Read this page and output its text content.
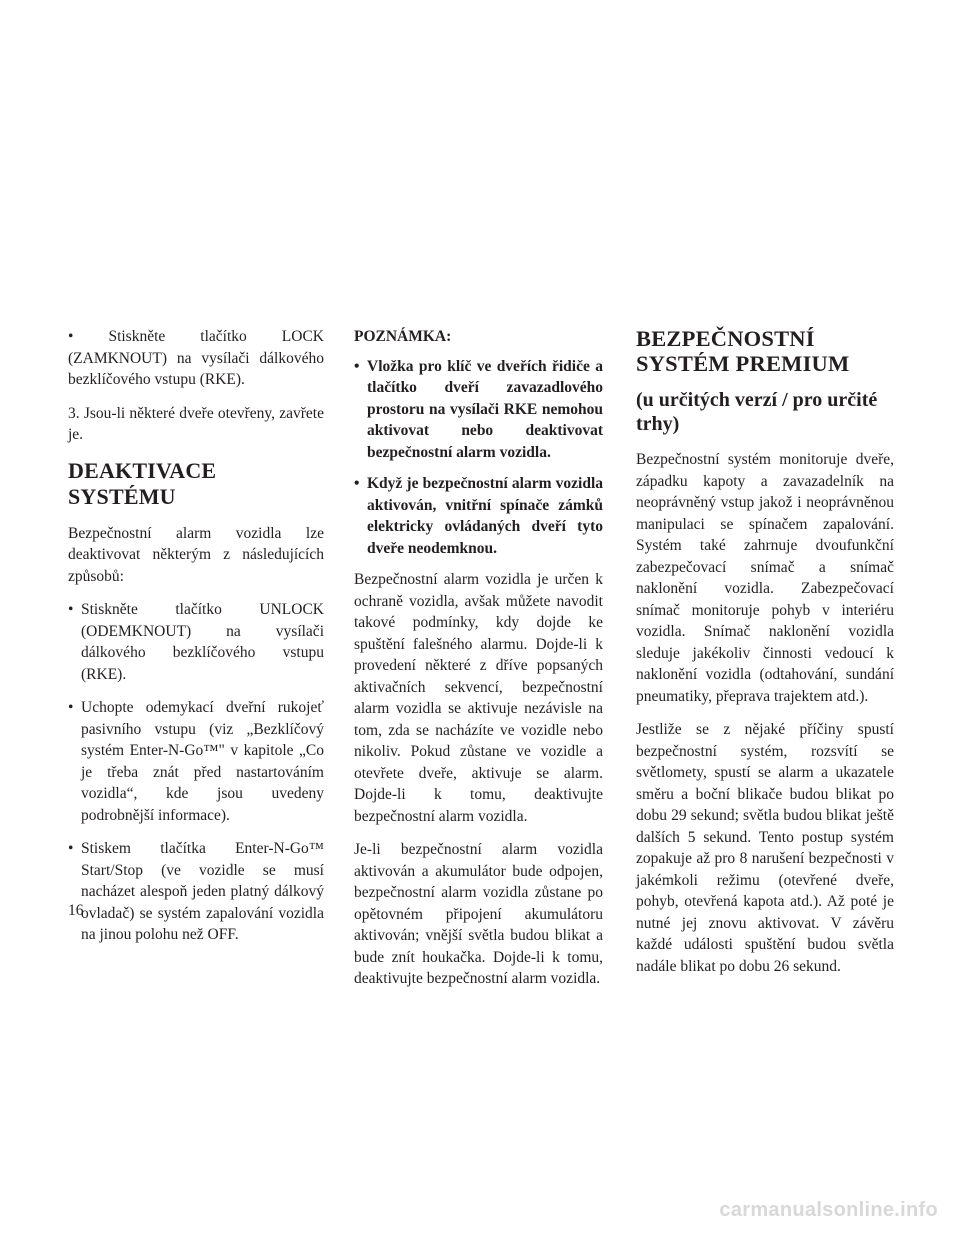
• Stiskněte tlačítko LOCK (ZAMKNOUT) na vysílači dálkového bezklíčového vstupu (RKE).

3. Jsou-li některé dveře otevřeny, zavřete je.

DEAKTIVACE SYSTÉMU

Bezpečnostní alarm vozidla lze deaktivovat některým z následujících způsobů:

• Stiskněte tlačítko UNLOCK (ODEMKNOUT) na vysílači dálkového bezklíčového vstupu (RKE).
• Uchopte odemykací dveřní rukojeť pasivního vstupu (viz „Bezklíčový systém Enter-N-Go™" v kapitole „Co je třeba znát před nastartováním vozidla“, kde jsou uvedeny podrobnější informace).
• Stiskem tlačítka Enter-N-Go™ Start/Stop (ve vozidle se musí nacházet alespoň jeden platný dálkový ovladač) se systém zapalování vozidla na jinou polohu než OFF.
POZNÁMKA:
• Vložka pro klíč ve dveřích řidiče a tlačítko dveří zavazadlového prostoru na vysílači RKE nemohou aktivovat nebo deaktivovat bezpečnostní alarm vozidla.
• Když je bezpečnostní alarm vozidla aktivován, vnitřní spínače zámků elektricky ovládaných dveří tyto dveře neodemknou.

Bezpečnostní alarm vozidla je určen k ochraně vozidla, avšak můžete navodit takové podmínky, kdy dojde ke spuštění falešného alarmu. Dojde-li k provedení některé z dříve popsaných aktivačních sekvencí, bezpečnostní alarm vozidla se aktivuje nezávisle na tom, zda se nacházíte ve vozidle nebo nikoliv. Pokud zůstane ve vozidle a otevřete dveře, aktivuje se alarm. Dojde-li k tomu, deaktivujte bezpečnostní alarm vozidla.

Je-li bezpečnostní alarm vozidla aktivován a akumulátor bude odpojen, bezpečnostní alarm vozidla zůstane po opětovném připojení akumulátoru aktivován; vnější světla budou blikat a bude znít houkačka. Dojde-li k tomu, deaktivujte bezpečnostní alarm vozidla.

BEZPEČNOSTNÍ
SYSTÉM PREMIUM
(u určitých verzí / pro určité trhy)

Bezpečnostní systém monitoruje dveře, západku kapoty a zavazadelník na neoprávněný vstup jakož i neoprávněnou manipulaci se spínačem zapalování. Systém také zahrnuje dvoufunkční zabezpečovací snímač a snímač naklonění vozidla. Zabezpečovací snímač monitoruje pohyb v interiéru vozidla. Snímač naklonění vozidla sleduje jakékoliv činnosti vedoucí k naklonění vozidla (odtahování, sundání pneumatiky, přeprava trajektem atd.).

Jestliže se z nějaké příčiny spustí bezpečnostní systém, rozsvítí se světlomety, spustí se alarm a ukazatele směru a boční blikače budou blikat po dobu 29 sekund; světla budou blikat ještě dalších 5 sekund. Tento postup systém zopakuje až pro 8 narušení bezpečnosti v jakémkoli režimu (otevřené dveře, pohyb, otevřená kapota atd.). Až poté je nutné jej znovu aktivovat. V závěru každé události spuštění budou světla nadále blikat po dobu 26 sekund.

16
carmanualsonline.info
